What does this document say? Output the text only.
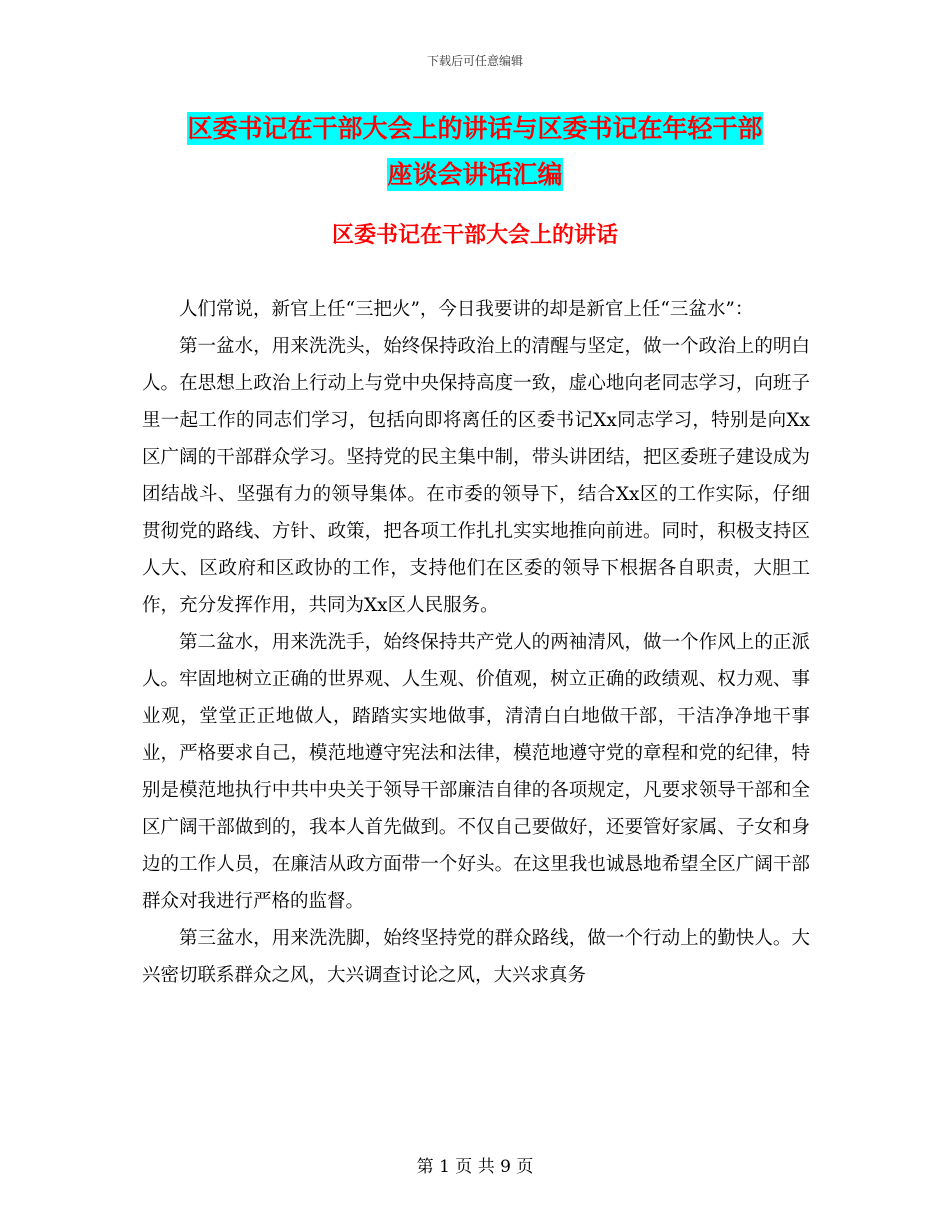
下载后可任意编辑
区委书记在干部大会上的讲话与区委书记在年轻干部
座谈会讲话汇编
区委书记在干部大会上的讲话

人们常说，新官上任“三把火”，今日我要讲的却是新官上任“三盆水”：

第一盆水，用来洗洗头，始终保持政治上的清醒与坚定，做一个政治上的明白人。在思想上政治上行动上与党中央保持高度一致，虚心地向老同志学习，向班子里一起工作的同志们学习，包括向即将离任的区委书记Xx同志学习，特别是向Xx区广阔的干部群众学习。坚持党的民主集中制，带头讲团结，把区委班子建设成为团结战斗、坚强有力的领导集体。在市委的领导下，结合Xx区的工作实际，仔细贯彻党的路线、方针、政策，把各项工作扎扎实实地推向前进。同时，积极支持区人大、区政府和区政协的工作，支持他们在区委的领导下根据各自职责，大胆工作，充分发挥作用，共同为Xx区人民服务。

第二盆水，用来洗洗手，始终保持共产党人的两袖清风，做一个作风上的正派人。牢固地树立正确的世界观、人生观、价值观，树立正确的政绩观、权力观、事业观，堂堂正正地做人，踏踏实实地做事，清清白白地做干部，干洁净净地干事业，严格要求自己，模范地遵守宪法和法律，模范地遵守党的章程和党的纪律，特别是模范地执行中共中央关于领导干部廉洁自律的各项规定，凡要求领导干部和全区广阔干部做到的，我本人首先做到。不仅自己要做好，还要管好家属、子女和身边的工作人员，在廉洁从政方面带一个好头。在这里我也诚恳地希望全区广阔干部群众对我进行严格的监督。

第三盆水，用来洗洗脚，始终坚持党的群众路线，做一个行动上的勤快人。大兴密切联系群众之风，大兴调查讨论之风，大兴求真务

第 1 页 共 9 页
